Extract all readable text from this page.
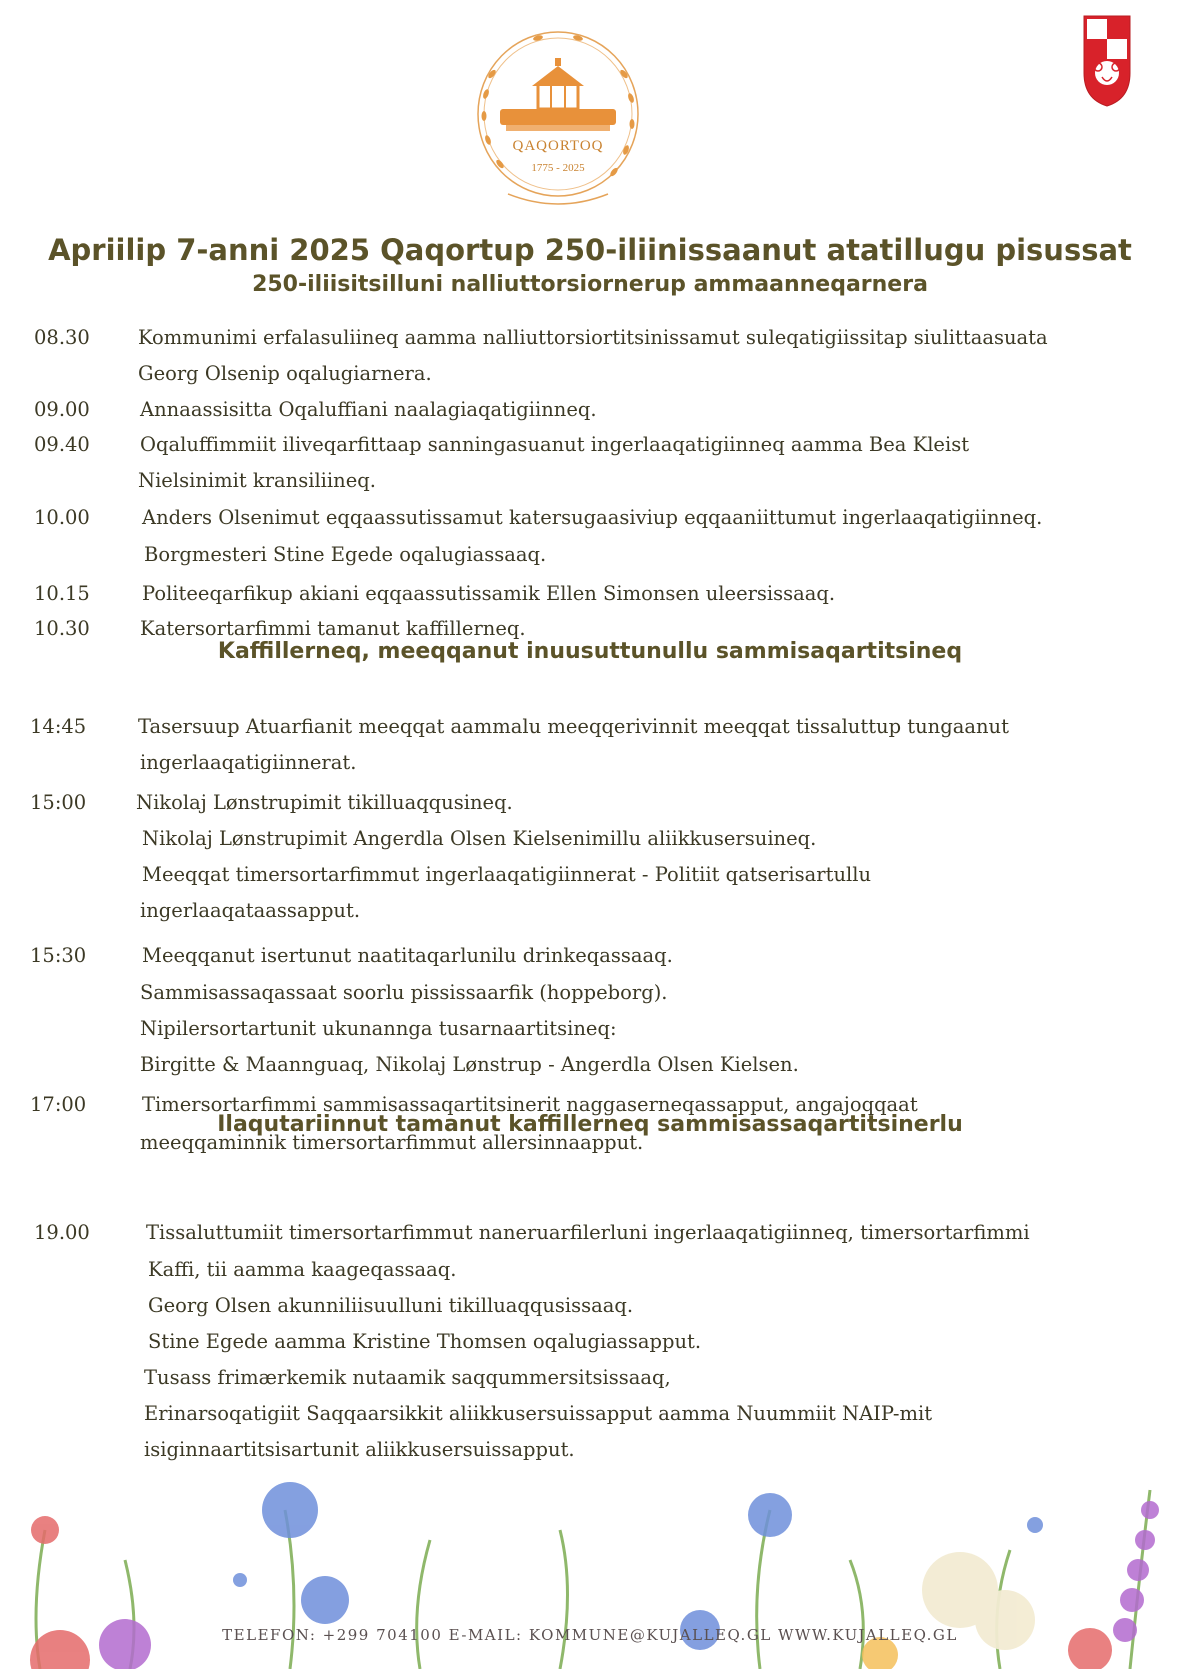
QAQORTOQ
1775 - 2025
Apriilip 7-anni 2025 Qaqortup 250-iliinissaanut atatillugu pisussat
250-iliisitsilluni nalliuttorsiornerup ammaanneqarnera
Kaffillerneq, meeqqanut inuusuttunullu sammisaqartitsineq
Ilaqutariinnut tamanut kaffillerneq sammisassaqartitsinerlu
08.30
09.00
09.40
10.00
10.15
10.30
14:45
15:00
15:30
17:00
19.00
Kommunimi erfalasuliineq aamma nalliuttorsiortitsinissamut suleqatigiissitap siulittaasuata
Georg Olsenip oqalugiarnera.
Annaassisitta Oqaluffiani naalagiaqatigiinneq.
Oqaluffimmiit iliveqarfittaap sanningasuanut ingerlaaqatigiinneq aamma Bea Kleist
Nielsinimit kransiliineq.
Anders Olsenimut eqqaassutissamut katersugaasiviup eqqaaniittumut ingerlaaqatigiinneq.
Borgmesteri Stine Egede oqalugiassaaq.
Politeeqarfikup akiani eqqaassutissamik Ellen Simonsen uleersissaaq.
Katersortarfimmi tamanut kaffillerneq.
Tasersuup Atuarfianit meeqqat aammalu meeqqerivinnit meeqqat tissaluttup tungaanut
ingerlaaqatigiinnerat.
Nikolaj Lønstrupimit tikilluaqqusineq.
Nikolaj Lønstrupimit Angerdla Olsen Kielsenimillu aliikkusersuineq.
Meeqqat timersortarfimmut ingerlaaqatigiinnerat - Politiit qatserisartullu
ingerlaaqataassapput.
Meeqqanut isertunut naatitaqarlunilu drinkeqassaaq.
Sammisassaqassaat soorlu pississaarfik (hoppeborg).
Nipilersortartunit ukunannga tusarnaartitsineq:
Birgitte & Maannguaq, Nikolaj Lønstrup - Angerdla Olsen Kielsen.
Timersortarfimmi sammisassaqartitsinerit naggaserneqassapput, angajoqqaat
meeqqaminnik timersortarfimmut allersinnaapput.
Tissaluttumiit timersortarfimmut naneruarfilerluni ingerlaaqatigiinneq, timersortarfimmi
Kaffi, tii aamma kaageqassaaq.
Georg Olsen akunniliisuulluni tikilluaqqusissaaq.
Stine Egede aamma Kristine Thomsen oqalugiassapput.
Tusass frimærkemik nutaamik saqqummersitsissaaq,
Erinarsoqatigiit Saqqaarsikkit aliikkusersuissapput aamma Nuummiit NAIP-mit
isiginnaartitsisartunit aliikkusersuissapput.
TELEFON: +299 704100 E-MAIL: KOMMUNE@KUJALLEQ.GL WWW.KUJALLEQ.GL
